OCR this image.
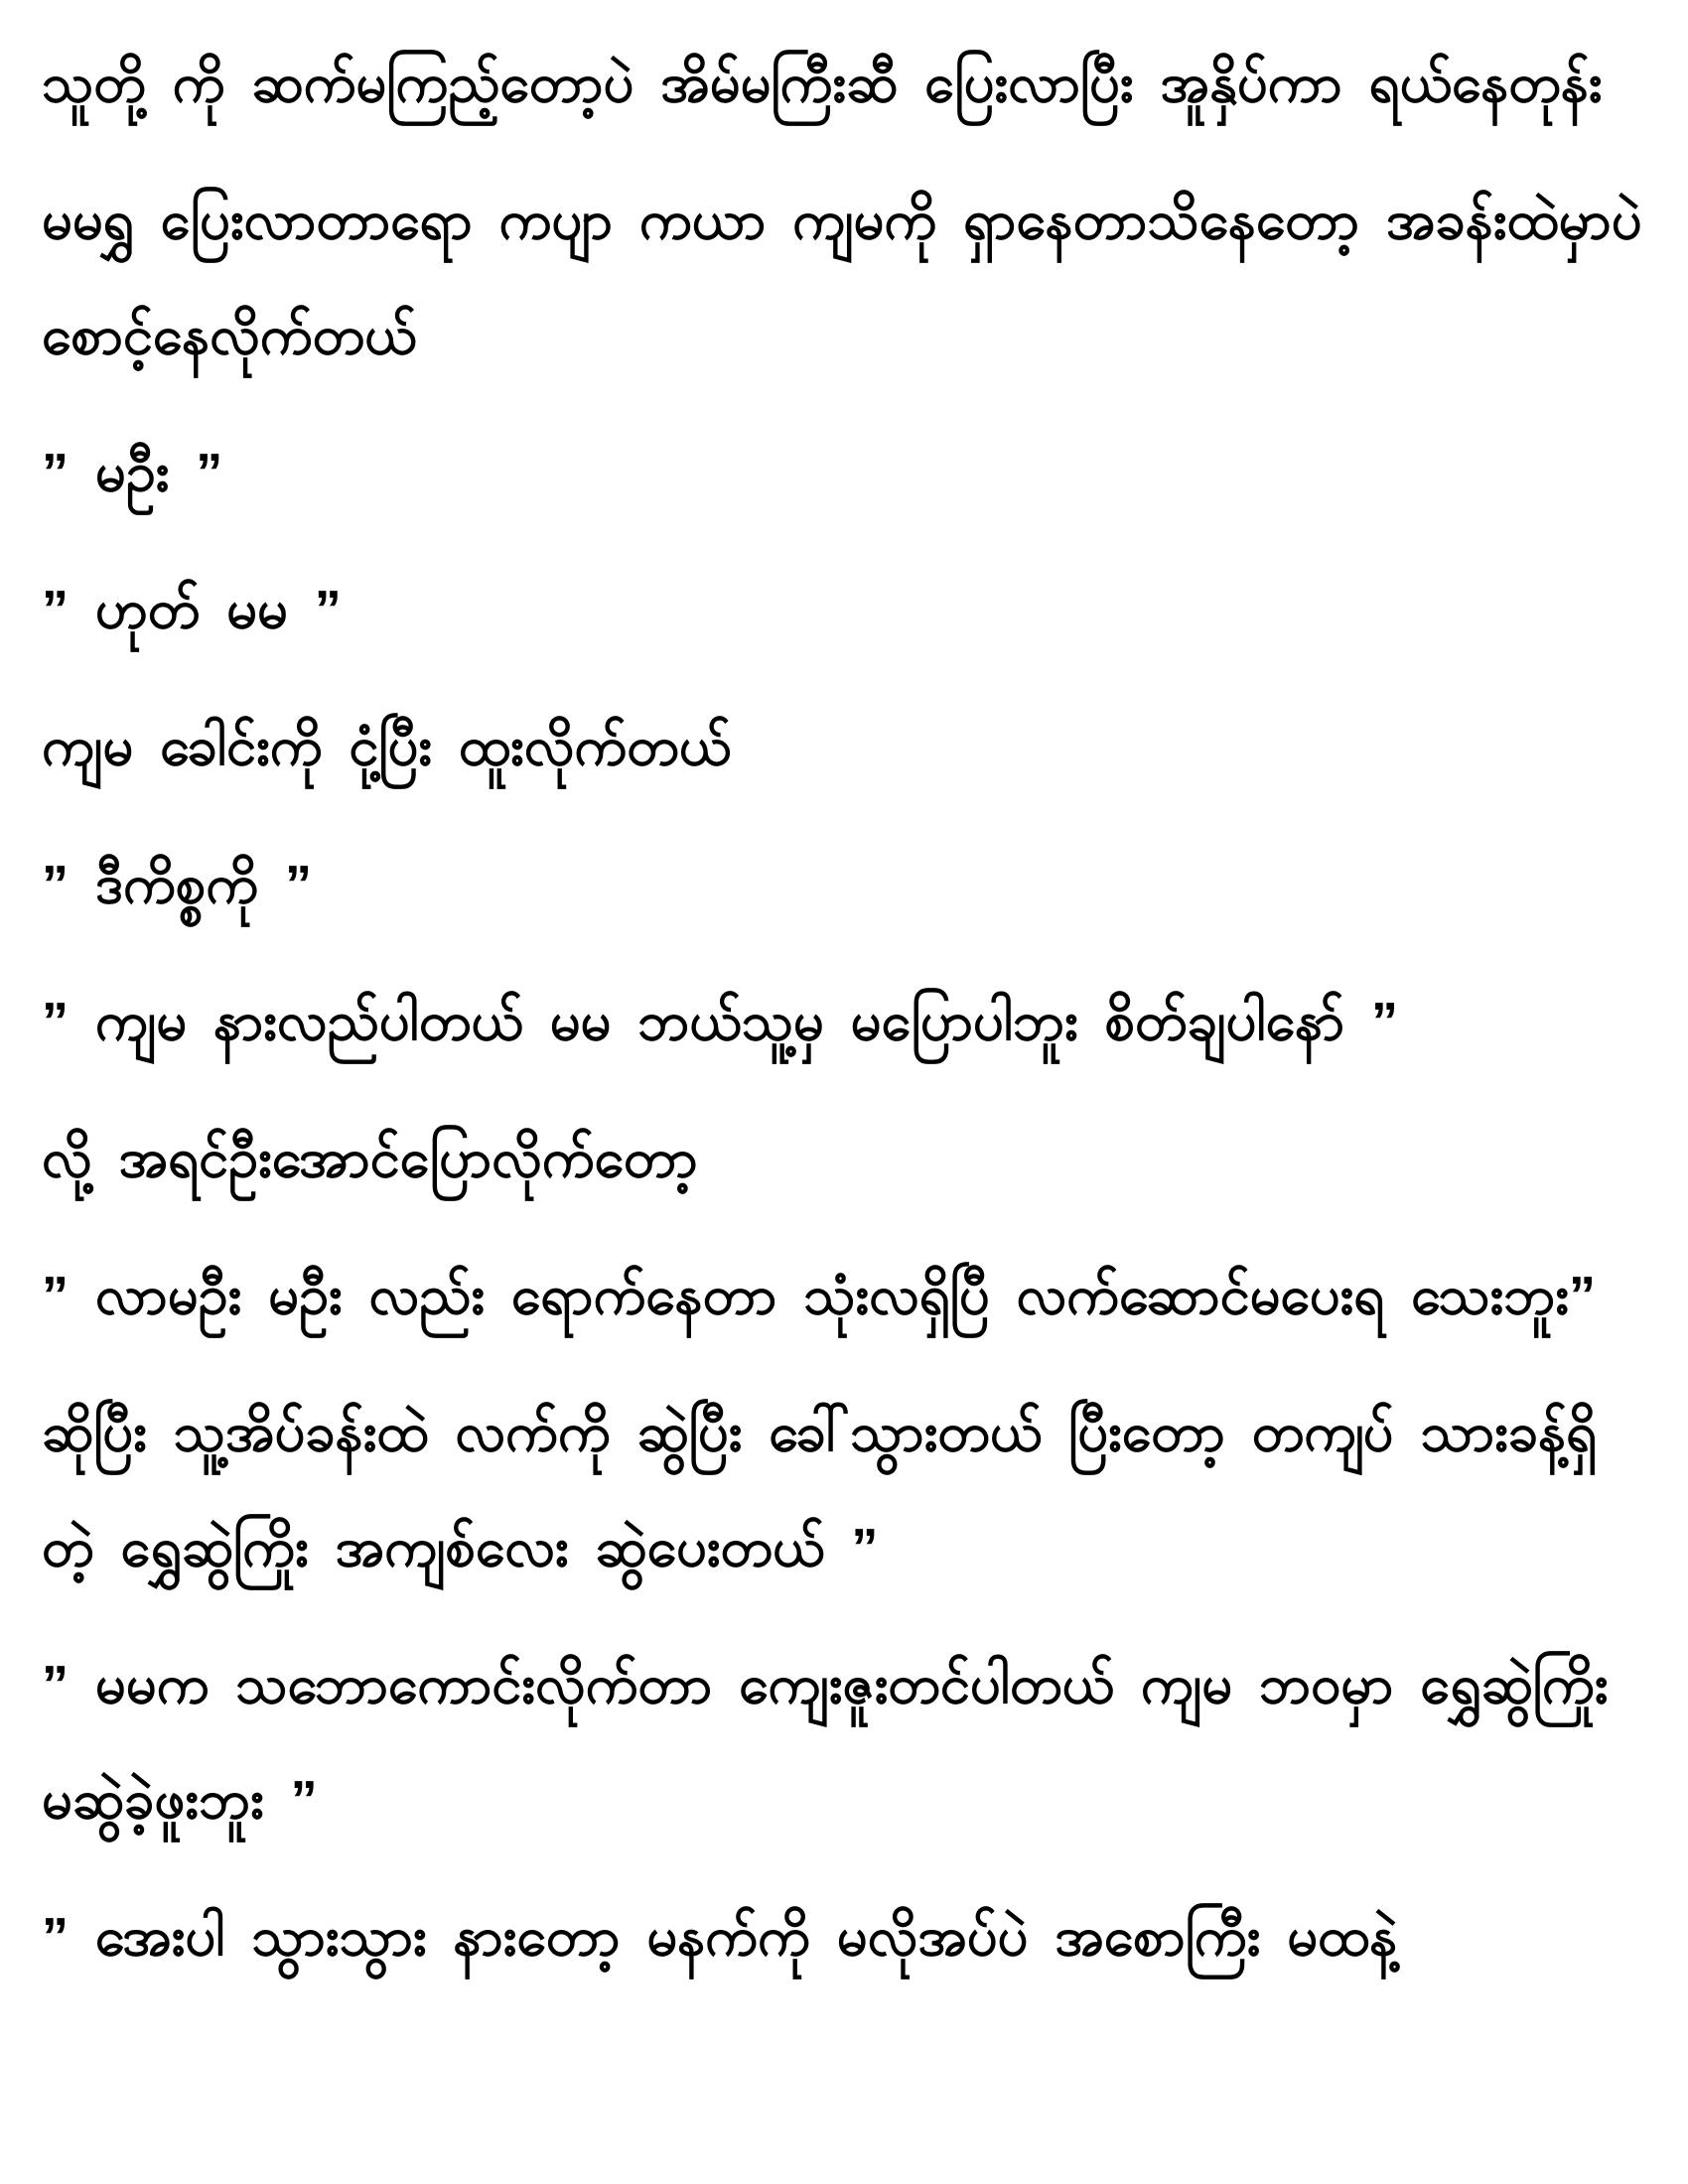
သူတို့ ကို ဆက်မကြည့်တော့ပဲ အိမ်မကြီးဆီ ပြေးလာပြီး အူနှိပ်ကာ ရယ်နေတုန်း

မမရွှ ပြေးလာတာရော ကပျာ ကယာ ကျမကို ရှာနေတာသိနေတော့ အခန်းထဲမှာပဲ စောင့်နေလိုက်တယ်

” မဦး ”

” ဟုတ် မမ ”

ကျမ ခေါင်းကို ငုံ့ပြီး ထူးလိုက်တယ်

” ဒီကိစ္စကို ”

” ကျမ နားလည်ပါတယ် မမ ဘယ်သူ့မှ မပြောပါဘူး စိတ်ချပါနော် ”

လို့ အရင်ဦးအောင်ပြောလိုက်တော့

” လာမဦး မဦး လည်း ရောက်နေတာ သုံးလရှိပြီ လက်ဆောင်မပေးရ သေးဘူး”

ဆိုပြီး သူ့အိပ်ခန်းထဲ လက်ကို ဆွဲပြီး ခေါ်သွားတယ် ပြီးတော့ တကျပ် သားခန့်ရှိတဲ့ ရွှေဆွဲကြိုး အကျစ်လေး ဆွဲပေးတယ် ”

” မမက သဘောကောင်းလိုက်တာ ကျေးဇူးတင်ပါတယ် ကျမ ဘဝမှာ ရွှေဆွဲကြိုး မဆွဲခဲ့ဖူးဘူး ”

” အေးပါ သွားသွား နားတော့ မနက်ကို မလိုအပ်ပဲ အစောကြီး မထနဲ့
